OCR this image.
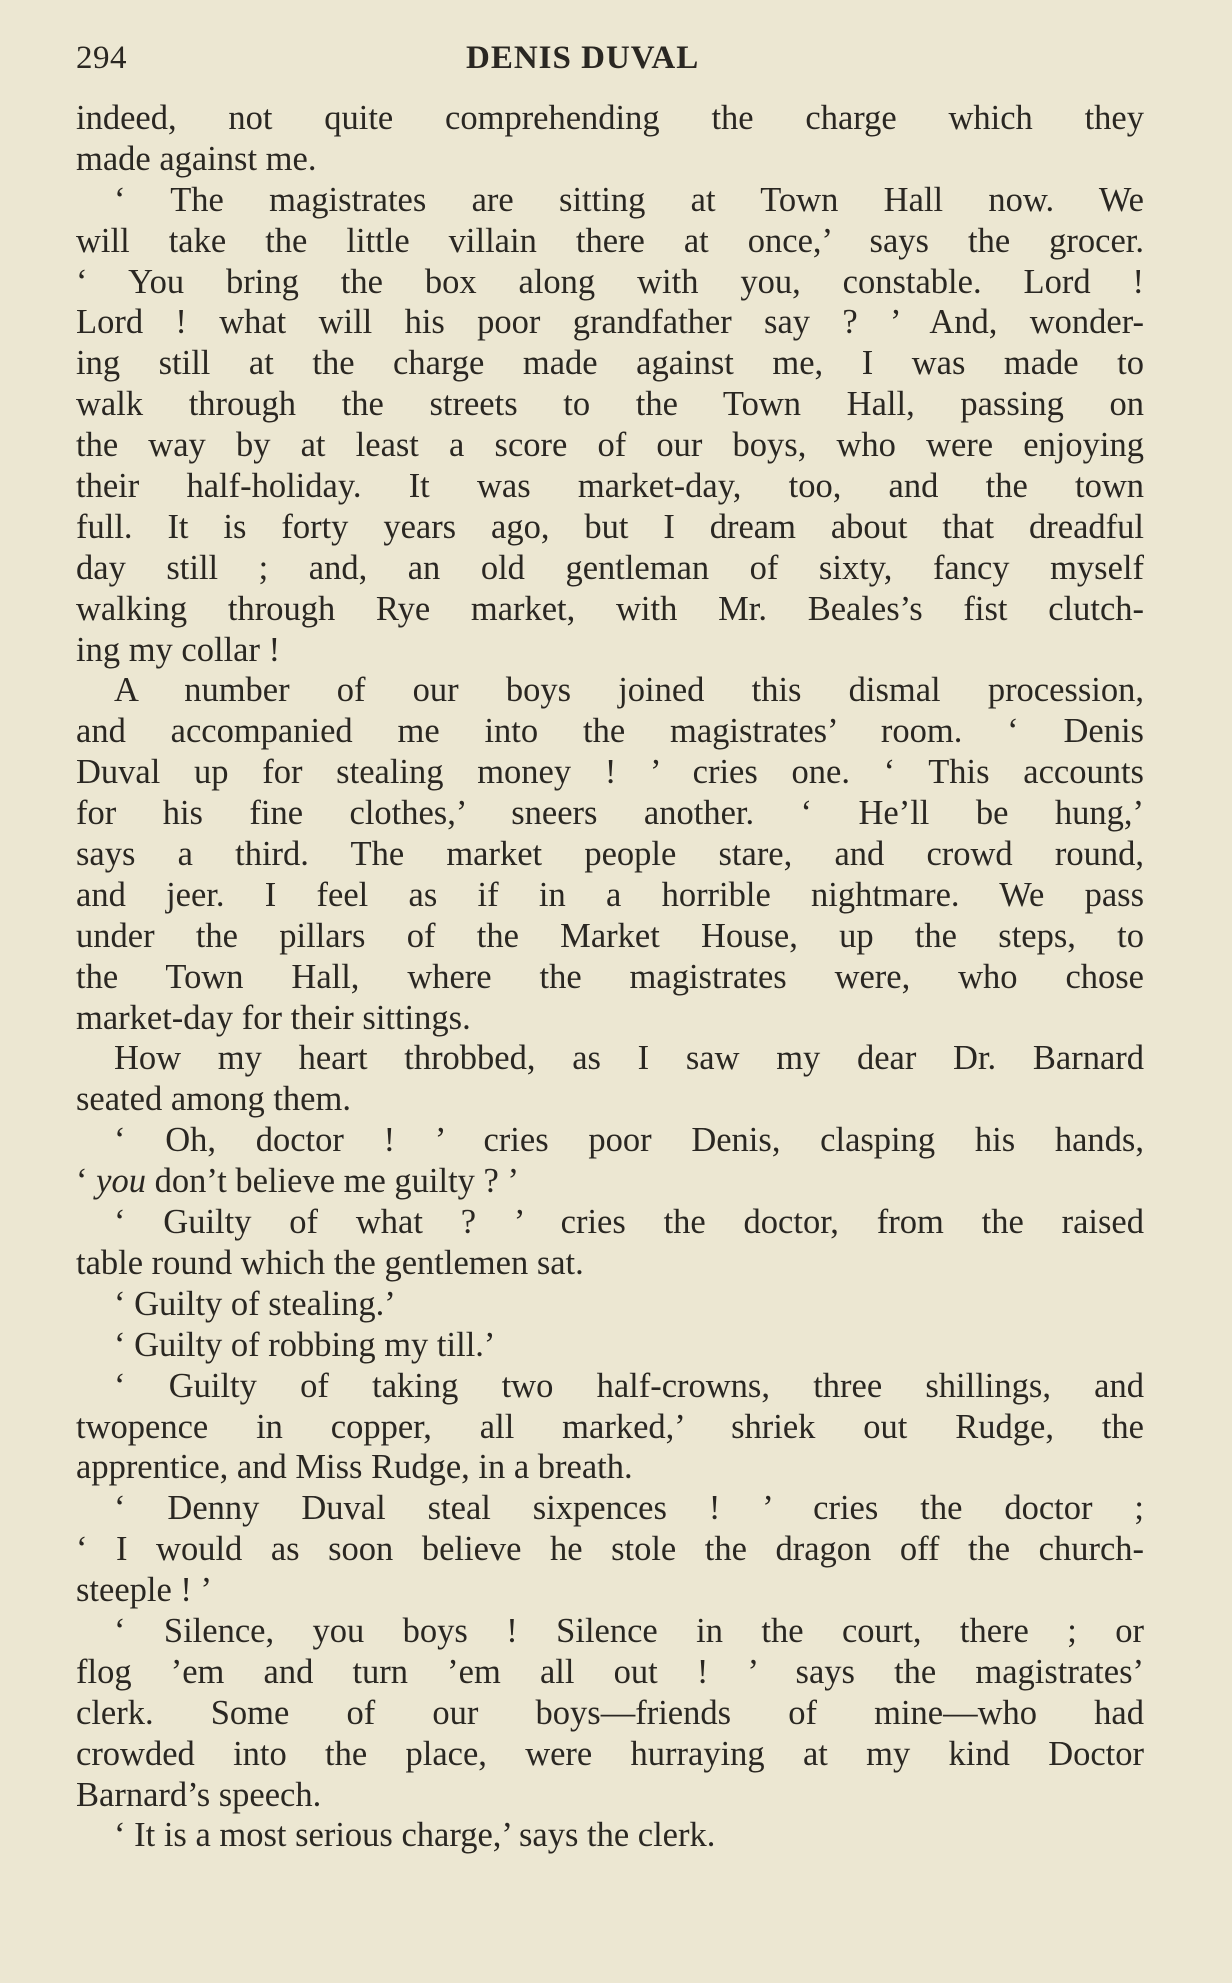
294	DENIS DUVAL
indeed, not quite comprehending the charge which they
made against me.
‘ The magistrates are sitting at Town Hall now. We
will take the little villain there at once,’ says the grocer.
‘ You bring the box along with you, constable. Lord !
Lord ! what will his poor grandfather say ? ’ And, wonder-
ing still at the charge made against me, I was made to
walk through the streets to the Town Hall, passing on
the way by at least a score of our boys, who were enjoying
their half-holiday. It was market-day, too, and the town
full. It is forty years ago, but I dream about that dreadful
day still ; and, an old gentleman of sixty, fancy myself
walking through Rye market, with Mr. Beales’s fist clutch-
ing my collar !
A number of our boys joined this dismal procession,
and accompanied me into the magistrates’ room. ‘ Denis
Duval up for stealing money ! ’ cries one. ‘ This accounts
for his fine clothes,’ sneers another. ‘ He’ll be hung,’
says a third. The market people stare, and crowd round,
and jeer. I feel as if in a horrible nightmare. We pass
under the pillars of the Market House, up the steps, to
the Town Hall, where the magistrates were, who chose
market-day for their sittings.
How my heart throbbed, as I saw my dear Dr. Barnard
seated among them.
‘ Oh, doctor ! ’ cries poor Denis, clasping his hands,
‘ you don’t believe me guilty ? ’
‘ Guilty of what ? ’ cries the doctor, from the raised
table round which the gentlemen sat.
‘ Guilty of stealing.’
‘ Guilty of robbing my till.’
‘ Guilty of taking two half-crowns, three shillings, and
twopence in copper, all marked,’ shriek out Rudge, the
apprentice, and Miss Rudge, in a breath.
‘ Denny Duval steal sixpences ! ’ cries the doctor ;
‘ I would as soon believe he stole the dragon off the church-
steeple ! ’
‘ Silence, you boys ! Silence in the court, there ; or
flog ’em and turn ’em all out ! ’ says the magistrates’
clerk. Some of our boys—friends of mine—who had
crowded into the place, were hurraying at my kind Doctor
Barnard’s speech.
‘ It is a most serious charge,’ says the clerk.
